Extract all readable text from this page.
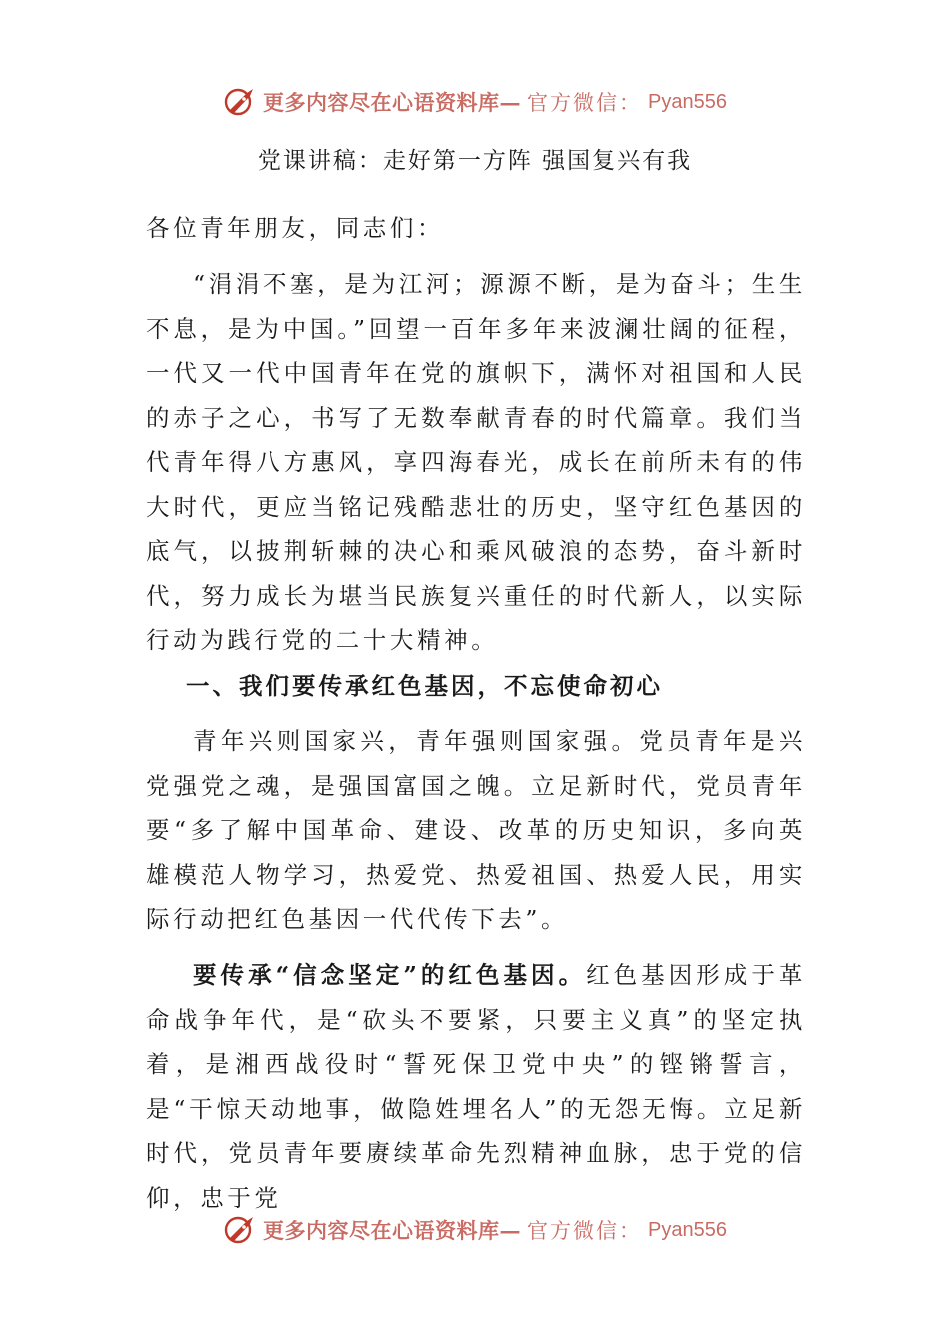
更多内容尽在心语资料库— 官方微信： Pyan556
党课讲稿：走好第一方阵 强国复兴有我

各位青年朋友，同志们：

“涓涓不塞，是为江河；源源不断，是为奋斗；生生不息，是为中国。”回望一百年多年来波澜壮阔的征程，一代又一代中国青年在党的旗帜下，满怀对祖国和人民的赤子之心，书写了无数奉献青春的时代篇章。我们当代青年得八方惠风，享四海春光，成长在前所未有的伟大时代，更应当铭记残酷悲壮的历史，坚守红色基因的底气，以披荆斩棘的决心和乘风破浪的态势，奋斗新时代，努力成长为堪当民族复兴重任的时代新人，以实际行动为践行党的二十大精神。

一、我们要传承红色基因，不忘使命初心

青年兴则国家兴，青年强则国家强。党员青年是兴党强党之魂，是强国富国之魄。立足新时代，党员青年要“多了解中国革命、建设、改革的历史知识，多向英雄模范人物学习，热爱党、热爱祖国、热爱人民，用实际行动把红色基因一代代传下去”。

要传承“信念坚定”的红色基因。红色基因形成于革命战争年代，是“砍头不要紧，只要主义真”的坚定执着，是湘西战役时“誓死保卫党中央”的铿锵誓言，是“干惊天动地事，做隐姓埋名人”的无怨无悔。立足新时代，党员青年要赓续革命先烈精神血脉，忠于党的信仰，忠于党

更多内容尽在心语资料库— 官方微信： Pyan556
